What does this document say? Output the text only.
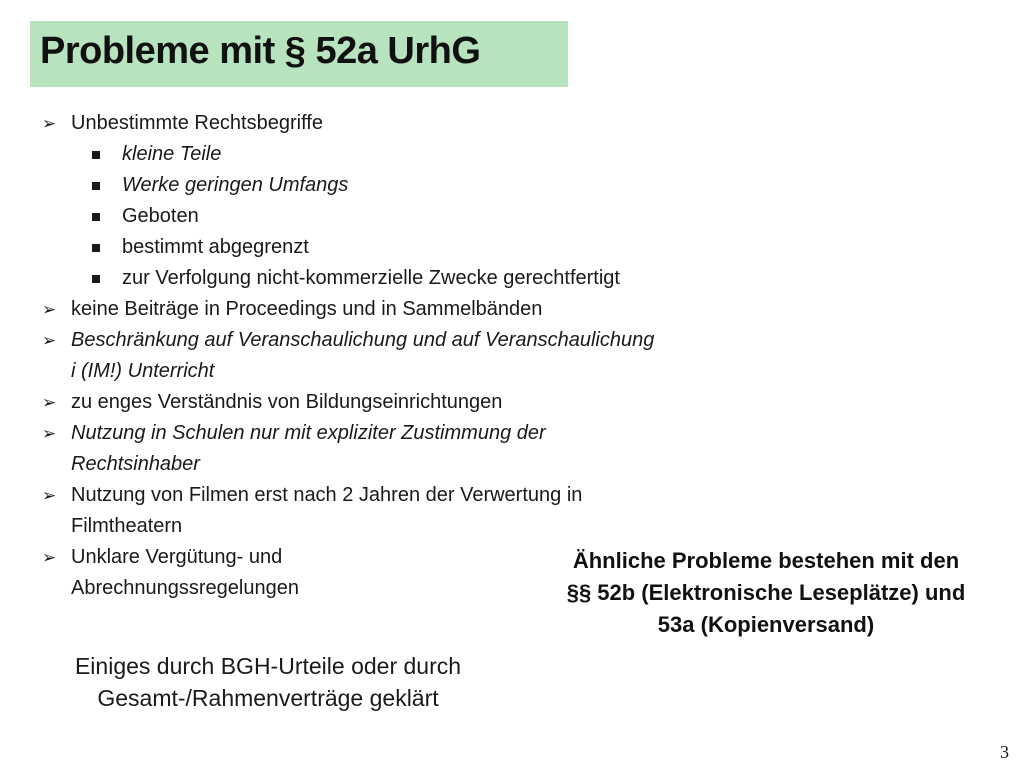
Probleme mit § 52a UrhG
➢ Unbestimmte Rechtsbegriffe
kleine Teile
Werke geringen Umfangs
Geboten
bestimmt abgegrenzt
zur Verfolgung nicht-kommerzielle Zwecke gerechtfertigt
➢ keine Beiträge in Proceedings und in Sammelbänden
➢ Beschränkung auf Veranschaulichung und auf Veranschaulichung
i (IM!) Unterricht
➢ zu enges Verständnis von Bildungseinrichtungen
➢ Nutzung in Schulen nur mit expliziter Zustimmung der
Rechtsinhaber
➢ Nutzung von Filmen erst nach 2 Jahren der Verwertung in
Filmtheatern
➢ Unklare Vergütung- und
Abrechnungssregelungen
Ähnliche Probleme bestehen mit den
§§ 52b (Elektronische Leseplätze) und
53a (Kopienversand)
Einiges durch BGH-Urteile oder durch
Gesamt-/Rahmenverträge geklärt
3
